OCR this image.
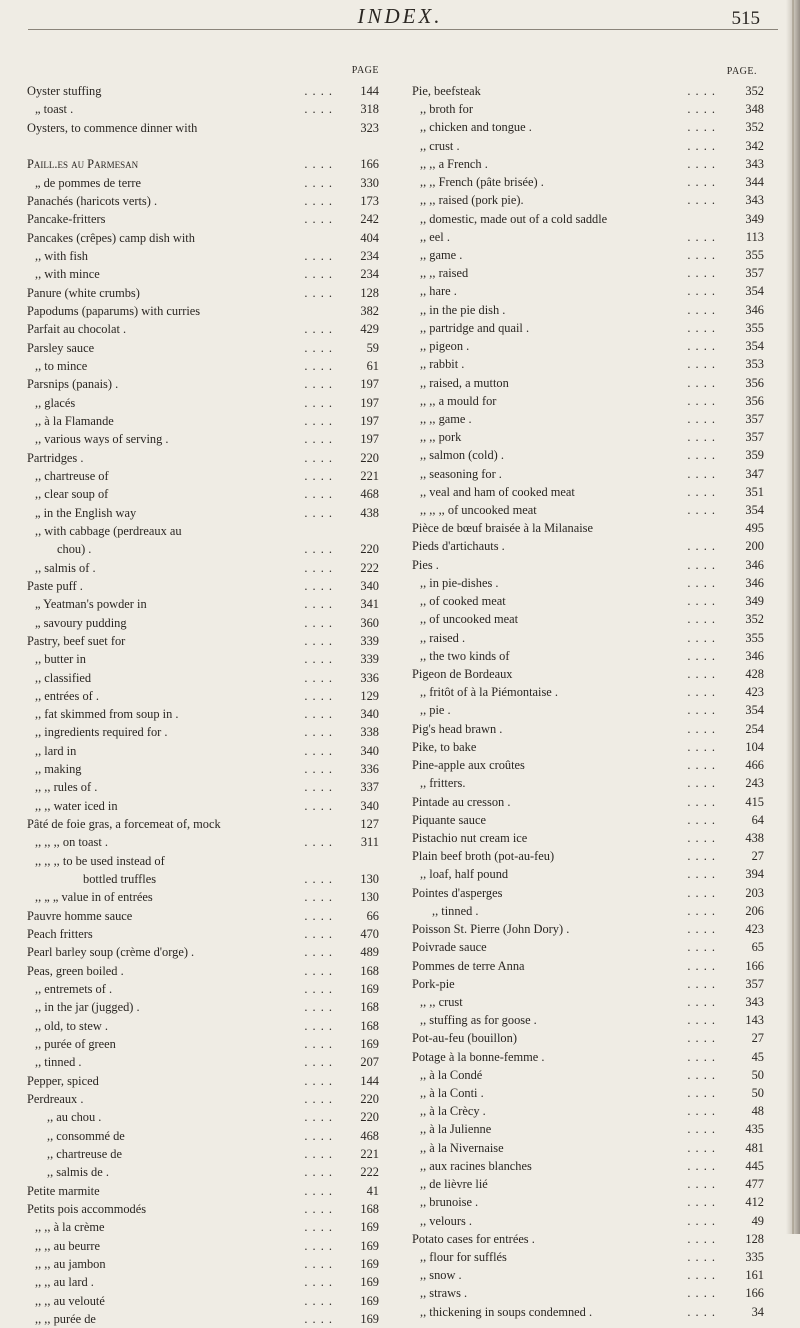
INDEX.	515
PAGE
Oyster stuffing	. . . . 144
„ toast .	. . . . 318
Oysters, to commence dinner with	323
Paill.es au Parmesan	. . . . 166
„ de pommes de terre	. . . . 330
Panachés (haricots verts) .	. . . . 173
Pancake-fritters	. . . . 242
Pancakes (crêpes) camp dish with	404
,, with fish	. . . . 234
,, with mince	. . . . 234
Panure (white crumbs)	. . . . 128
Papodums (paparums) with curries	382
Parfait au chocolat .	. . . . 429
Parsley sauce	. . . .	59
,, to mince	. . . .	61
Parsnips (panais) .	. . . . 197
,, glacés	. . . . 197
,, à la Flamande	. . . . 197
,, various ways of serving .	. . . . 197
Partridges .	. . . . 220
,, chartreuse of	. . . . 221
,, clear soup of	. . . . 468
„ in the English way	. . . . 438
,, with cabbage (perdreaux au
chou) .	. . . . 220
,, salmis of .	. . . . 222
Paste puff .	. . . . 340
„ Yeatman's powder in	. . . . 341
„ savoury pudding	. . . . 360
Pastry, beef suet for	. . . . 339
,, butter in	. . . . 339
,, classified	. . . . 336
,, entrées of .	. . . . 129
,, fat skimmed from soup in .	. . . . 340
,, ingredients required for .	. . . . 338
,, lard in	. . . . 340
,, making	. . . . 336
,, ,, rules of .	. . . . 337
,, ,, water iced in	. . . . 340
Pâté de foie gras, a forcemeat of, mock	127
,, ,, ,, on toast .	. . . . 311
,, ,, ,, to be used instead of
bottled truffles	. . . . 130
,, „ „ value in of entrées	. . . . 130
Pauvre homme sauce	. . . .	66
Peach fritters	. . . . 470
Pearl barley soup (crème d'orge) .	. . . . 489
Peas, green boiled .	. . . . 168
,, entremets of .	. . . . 169
,, in the jar (jugged) .	. . . . 168
,, old, to stew .	. . . . 168
,, purée of green	. . . . 169
,, tinned .	. . . . 207
Pepper, spiced	. . . . 144
Perdreaux .	. . . . 220
,, au chou .	. . . . 220
,, consommé de	. . . . 468
,, chartreuse de	. . . . 221
,, salmis de .	. . . . 222
Petite marmite	. . . .	41
Petits pois accommodés	. . . . 168
,, ,, à la crème	. . . . 169
,, ,, au beurre	. . . . 169
,, ,, au jambon	. . . . 169
,, ,, au lard .	. . . . 169
,, ,, au velouté	. . . . 169
,, ,, purée de	. . . . 169
PAGE.
Pie, beefsteak	. . . . 352
,, broth for	. . . . 348
,, chicken and tongue .	. . . . 352
,, crust .	. . . . 342
,, ,, a French .	. . . . 343
,, ,, French (pâte brisée) .	. . . . 344
,, ,, raised (pork pie).	. . . . 343
,, domestic, made out of a cold saddle	349
,, eel .	. . . . 113
,, game .	. . . . 355
,, ,, raised	. . . . 357
,, hare .	. . . . 354
,, in the pie dish .	. . . . 346
,, partridge and quail .	. . . . 355
,, pigeon .	. . . . 354
,, rabbit .	. . . . 353
,, raised, a mutton	. . . . 356
,, ,, a mould for	. . . . 356
,, ,, game .	. . . . 357
,, ,, pork	. . . . 357
,, salmon (cold) .	. . . . 359
,, seasoning for .	. . . . 347
,, veal and ham of cooked meat	. . . . 351
,, ,, ,, of uncooked meat	. . . . 354
Pièce de bœuf braisée à la Milanaise	495
Pieds d'artichauts .	. . . . 200
Pies .	. . . . 346
,, in pie-dishes .	. . . . 346
,, of cooked meat	. . . . 349
,, of uncooked meat	. . . . 352
,, raised .	. . . . 355
,, the two kinds of	. . . . 346
Pigeon de Bordeaux	. . . . 428
,, fritôt of à la Piémontaise .	. . . . 423
,, pie .	. . . . 354
Pig's head brawn .	. . . . 254
Pike, to bake	. . . . 104
Pine-apple aux croûtes	. . . . 466
,, fritters.	. . . . 243
Pintade au cresson .	. . . . 415
Piquante sauce	. . . .	64
Pistachio nut cream ice	. . . . 438
Plain beef broth (pot-au-feu)	. . . .	27
,, loaf, half pound	. . . . 394
Pointes d'asperges	. . . . 203
,, tinned .	. . . . 206
Poisson St. Pierre (John Dory) .	. . . . 423
Poivrade sauce	. . . .	65
Pommes de terre Anna	. . . . 166
Pork-pie	. . . . 357
,, ,, crust	. . . . 343
,, stuffing as for goose .	. . . . 143
Pot-au-feu (bouillon)	. . . .	27
Potage à la bonne-femme .	. . . .	45
,, à la Condé	. . . .	50
,, à la Conti .	. . . .	50
,, à la Crècy .	. . . .	48
,, à la Julienne	. . . . 435
,, à la Nivernaise	. . . . 481
,, aux racines blanches	. . . . 445
,, de lièvre lié	. . . . 477
,, brunoise .	. . . . 412
,, velours .	. . . .	49
Potato cases for entrées .	. . . . 128
,, flour for sufflés	. . . . 335
,, snow .	. . . . 161
,, straws .	. . . . 166
,, thickening in soups condemned .	. . . .	34
